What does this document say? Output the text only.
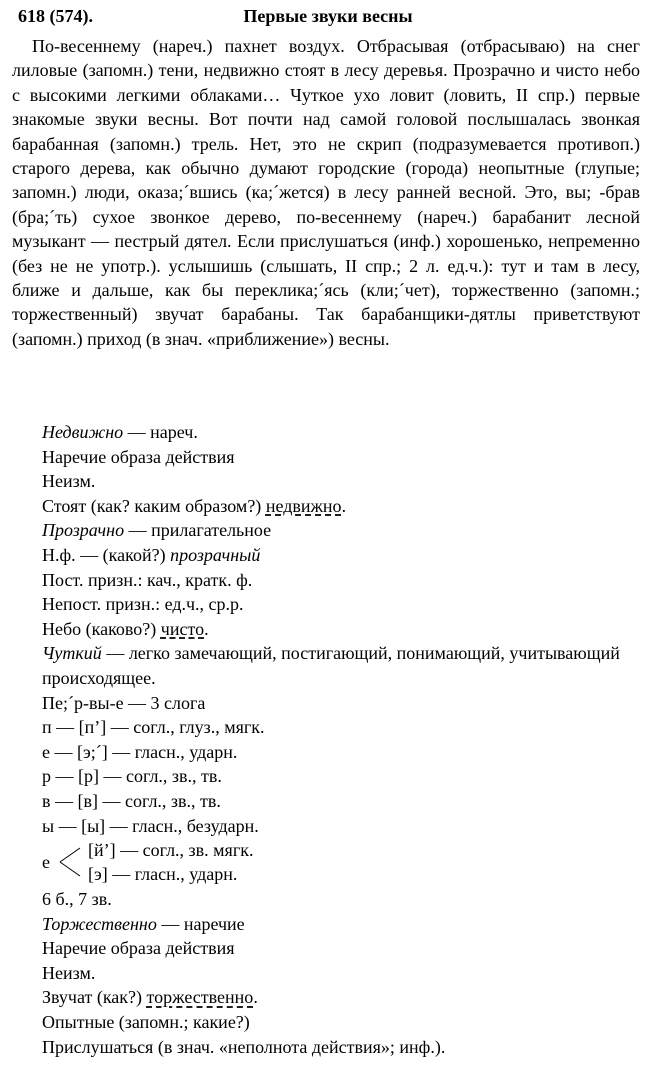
618 (574).	Первые звуки весны

По-весеннему (нареч.) пахнет воздух. Отбрасывая (отбрасываю) на снег лиловые (запомн.) тени, недвижно стоят в лесу деревья. Прозрачно и чисто небо с высокими легкими облаками… Чуткое ухо ловит (ловить, II спр.) первые знакомые звуки весны. Вот почти над самой головой послышалась звонкая барабанная (запомн.) трель. Нет, это не скрип (подразумевается противоп.) старого дерева, как обычно думают городские (города) неопытные (глупые; запомн.) люди, оказа;´вшись (ка;´жется) в лесу ранней весной. Это, вы; -брав (бра;´ть) сухое звонкое дерево, по-весеннему (нареч.) барабанит лесной музыкант — пестрый дятел. Если прислушаться (инф.) хорошенько, непременно (без не не употр.). услышишь (слышать, II спр.; 2 л. ед.ч.): тут и там в лесу, ближе и дальше, как бы переклика;´ясь (кли;´чет), торжественно (запомн.; торжественный) звучат барабаны. Так барабанщики-дятлы приветствуют (запомн.) приход (в знач. «приближение») весны.

Недвижно — нареч.
Наречие образа действия
Неизм.
Стоят (как? каким образом?) недвижно.
Прозрачно — прилагательное
Н.ф. — (какой?) прозрачный
Пост. призн.: кач., кратк. ф.
Непост. призн.: ед.ч., ср.р.
Небо (каково?) чисто.
Чуткий — легко замечающий, постигающий, понимающий, учитывающий происходящее.
Пе;´р-вы-е — 3 слога
п — [п’] — согл., глуз., мягк.
е — [э;´] — гласн., ударн.
р — [р] — согл., зв., тв.
в — [в] — согл., зв., тв.
ы — [ы] — гласн., безударн.
е
[й’] — согл., зв. мягк.
[э] — гласн., ударн.
6 б., 7 зв.
Торжественно — наречие
Наречие образа действия
Неизм.
Звучат (как?) торжественно.
Опытные (запомн.; какие?)
Прислушаться (в знач. «неполнота действия»; инф.).
